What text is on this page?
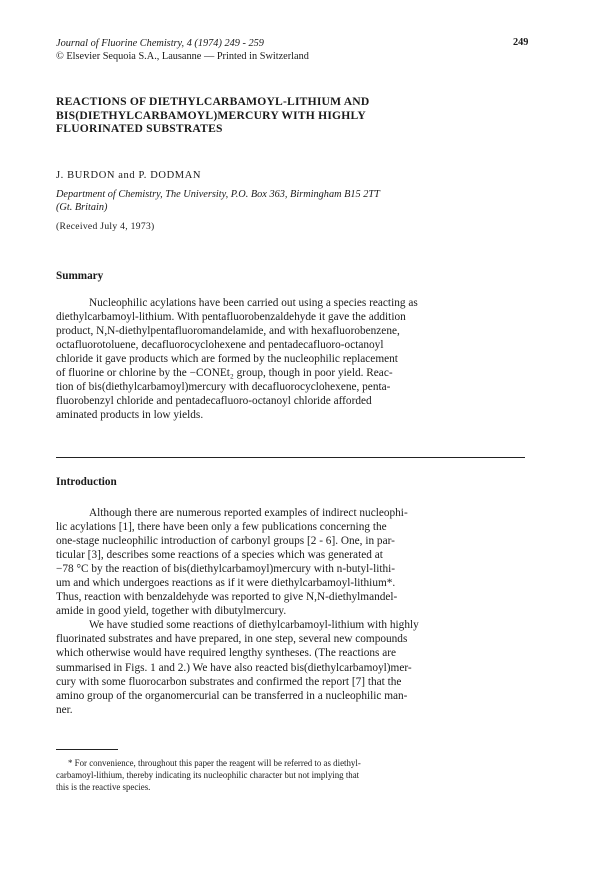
Journal of Fluorine Chemistry, 4 (1974) 249 - 259
© Elsevier Sequoia S.A., Lausanne — Printed in Switzerland
249
REACTIONS OF DIETHYLCARBAMOYL-LITHIUM AND
BIS(DIETHYLCARBAMOYL)MERCURY WITH HIGHLY
FLUORINATED SUBSTRATES
J. BURDON and P. DODMAN
Department of Chemistry, The University, P.O. Box 363, Birmingham B15 2TT
(Gt. Britain)
(Received July 4, 1973)
Summary
Nucleophilic acylations have been carried out using a species reacting as
diethylcarbamoyl-lithium. With pentafluorobenzaldehyde it gave the addition
product, N,N-diethylpentafluoromandelamide, and with hexafluorobenzene,
octafluorotoluene, decafluorocyclohexene and pentadecafluoro-octanoyl
chloride it gave products which are formed by the nucleophilic replacement
of fluorine or chlorine by the −CONEt₂ group, though in poor yield. Reac-
tion of bis(diethylcarbamoyl)mercury with decafluorocyclohexene, penta-
fluorobenzyl chloride and pentadecafluoro-octanoyl chloride afforded
aminated products in low yields.
Introduction
Although there are numerous reported examples of indirect nucleophi-
lic acylations [1], there have been only a few publications concerning the
one-stage nucleophilic introduction of carbonyl groups [2 - 6]. One, in par-
ticular [3], describes some reactions of a species which was generated at
−78 °C by the reaction of bis(diethylcarbamoyl)mercury with n-butyl-lithi-
um and which undergoes reactions as if it were diethylcarbamoyl-lithium*.
Thus, reaction with benzaldehyde was reported to give N,N-diethylmandel-
amide in good yield, together with dibutylmercury.
We have studied some reactions of diethylcarbamoyl-lithium with highly
fluorinated substrates and have prepared, in one step, several new compounds
which otherwise would have required lengthy syntheses. (The reactions are
summarised in Figs. 1 and 2.) We have also reacted bis(diethylcarbamoyl)mer-
cury with some fluorocarbon substrates and confirmed the report [7] that the
amino group of the organomercurial can be transferred in a nucleophilic man-
ner.
* For convenience, throughout this paper the reagent will be referred to as diethyl-
carbamoyl-lithium, thereby indicating its nucleophilic character but not implying that
this is the reactive species.
